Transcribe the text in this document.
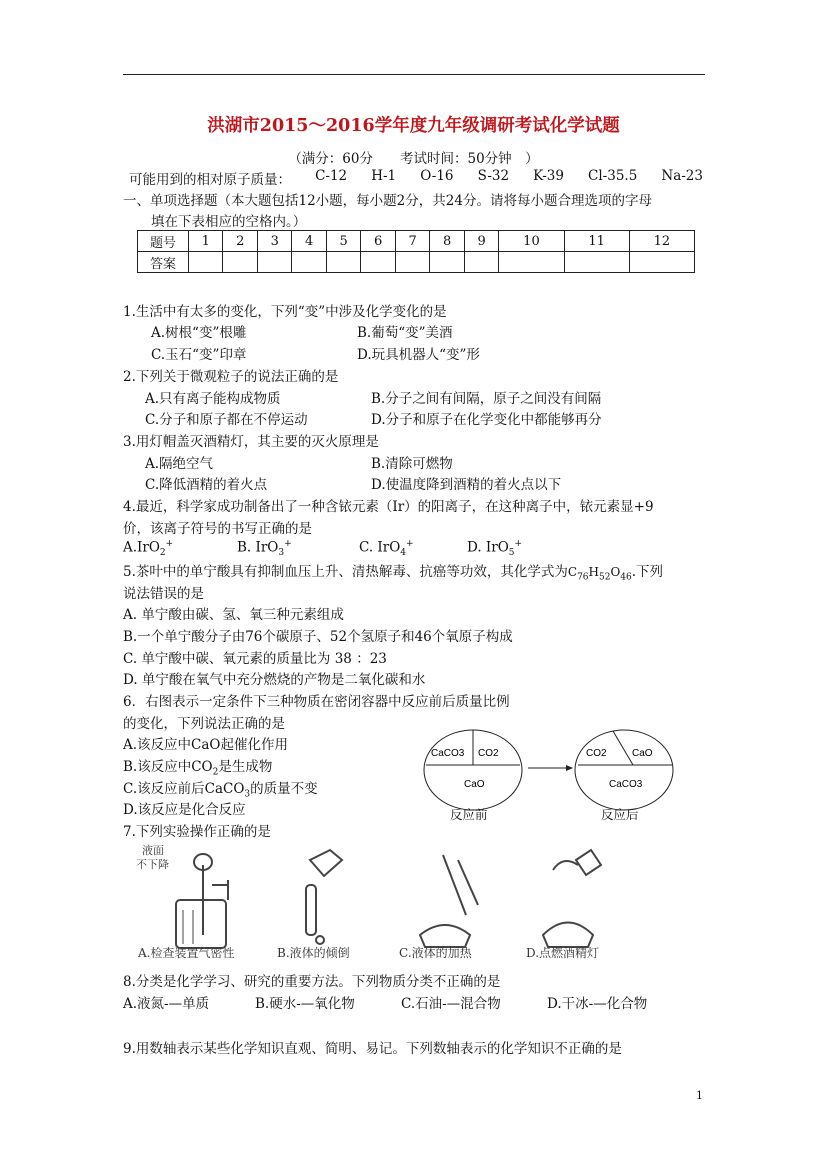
洪湖市2015～2016学年度九年级调研考试化学试题
（满分：60分　　考试时间：50分钟　）
可能用到的相对原子质量： C-12 H-1 O-16 S-32 K-39 Cl-35.5 Na-23
一、单项选择题（本大题包括12小题，每小题2分，共24分。请将每小题合理选项的字母
填在下表相应的空格内。）
题号	1	2	3	4	5	6	7	8	9	10	11	12
答案												
1.生活中有太多的变化，下列“变”中涉及化学变化的是
A.树根“变”根雕	B.葡萄“变”美酒
C.玉石“变”印章	D.玩具机器人“变”形
2.下列关于微观粒子的说法正确的是
A.只有离子能构成物质	B.分子之间有间隔，原子之间没有间隔
C.分子和原子都在不停运动	D.分子和原子在化学变化中都能够再分
3.用灯帽盖灭酒精灯，其主要的灭火原理是
A.隔绝空气	B.清除可燃物
C.降低酒精的着火点	D.使温度降到酒精的着火点以下
4.最近，科学家成功制备出了一种含铱元素（Ir）的阳离子，在这种离子中，铱元素显+9
价，该离子符号的书写正确的是
A.IrO$_2$+	B. IrO$_3$+	C. IrO$_4$+	D. IrO$_5$+
5.茶叶中的单宁酸具有抑制血压上升、清热解毒、抗癌等功效，其化学式为$C_{76}H_{52}O_{46}$.下列
说法错误的是
A. 单宁酸由碳、氢、氧三种元素组成
B.一个单宁酸分子由76个碳原子、52个氢原子和46个氧原子构成
C. 单宁酸中碳、氧元素的质量比为 38 ：23
D. 单宁酸在氧气中充分燃烧的产物是二氧化碳和水
6．右图表示一定条件下三种物质在密闭容器中反应前后质量比例
的变化，下列说法正确的是
A.该反应中CaO起催化作用
B.该反应中$CO_2$是生成物
C.该反应前后CaCO$_3$的质量不变
D.该反应是化合反应
CaCO3 CO2
CaO
CO2	CaO
CaCO3
反应前	反应后
7.下列实验操作正确的是
液面
不下降
A.检查装置气密性	B.液体的倾倒	C.液体的加热	D.点燃酒精灯
8.分类是化学学习、研究的重要方法。下列物质分类不正确的是
A.液氮-—单质	B.硬水-—氧化物	C.石油-—混合物	D.干冰-—化合物
9.用数轴表示某些化学知识直观、简明、易记。下列数轴表示的化学知识不正确的是
1
